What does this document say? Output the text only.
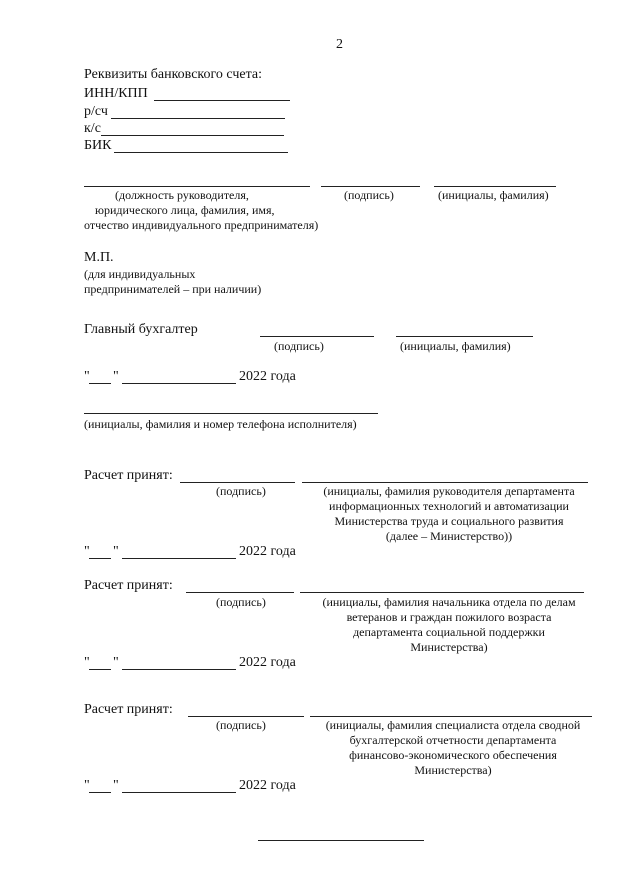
2
Реквизиты банковского счета:
ИНН/КПП
р/сч
к/с
БИК
(должность руководителя,
юридического лица, фамилия, имя,
отчество индивидуального предпринимателя)
(подпись)	(инициалы, фамилия)
М.П.
(для индивидуальных
предпринимателей – при наличии)
Главный бухгалтер
(подпись)	(инициалы, фамилия)
" "	2022 года
(инициалы, фамилия и номер телефона исполнителя)
Расчет принят:
(подпись)	(инициалы, фамилия руководителя департамента
информационных технологий и автоматизации
Министерства труда и социального развития
(далее – Министерство))
" "	2022 года
Расчет принят:
(подпись)	(инициалы, фамилия начальника отдела по делам
ветеранов и граждан пожилого возраста
департамента социальной поддержки
Министерства)
" "	2022 года
Расчет принят:
(подпись)	(инициалы, фамилия специалиста отдела сводной
бухгалтерской отчетности департамента
финансово-экономического обеспечения
Министерства)
" "	2022 года
